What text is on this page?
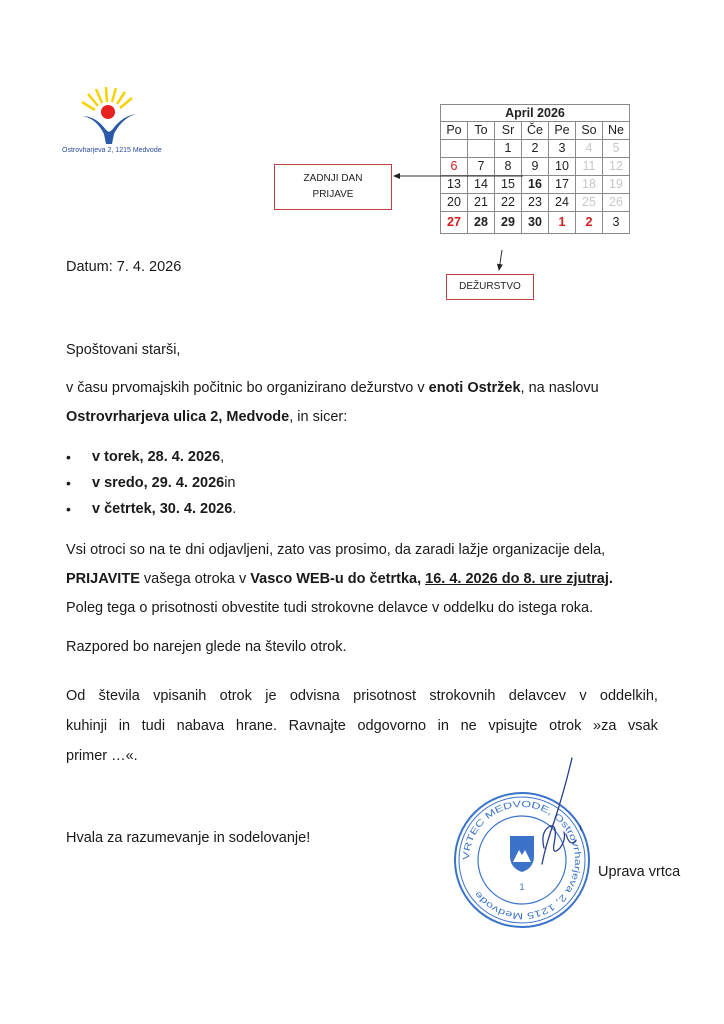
Ostrovharjeva 2, 1215 Medvode
April 2026						
Po	To	Sr	Če	Pe	So	Ne
		1	2	3	4	5
6	7	8	9	10	11	12
13	14	15	16	17	18	19
20	21	22	23	24	25	26
27	28	29	30	1	2	3
ZADNJI DAN
PRIJAVE
DEŽURSTVO
Datum: 7. 4. 2026
Spoštovani starši,
v času prvomajskih počitnic bo organizirano dežurstvo v enoti Ostržek, na naslovu
Ostrovrharjeva ulica 2, Medvode, in sicer:
•	v torek, 28. 4. 2026 ,
•	v sredo, 29. 4. 2026 in
•	v četrtek, 30. 4. 2026 .
Vsi otroci so na te dni odjavljeni, zato vas prosimo, da zaradi lažje organizacije dela,
PRIJAVITE vašega otroka v Vasco WEB-u do četrtka, 16. 4. 2026 do 8. ure zjutraj.
Poleg tega o prisotnosti obvestite tudi strokovne delavce v oddelku do istega roka.
Razpored bo narejen glede na število otrok.
Od števila vpisanih otrok je odvisna prisotnost strokovnih delavcev v oddelkih,
kuhinji in tudi nabava hrane. Ravnajte odgovorno in ne vpisujte otrok »za vsak
primer …«.
Hvala za razumevanje in sodelovanje!
VRTEC MEDVODE, Ostrovrharjeva 2, 1215 Medvode
1
Uprava vrtca
